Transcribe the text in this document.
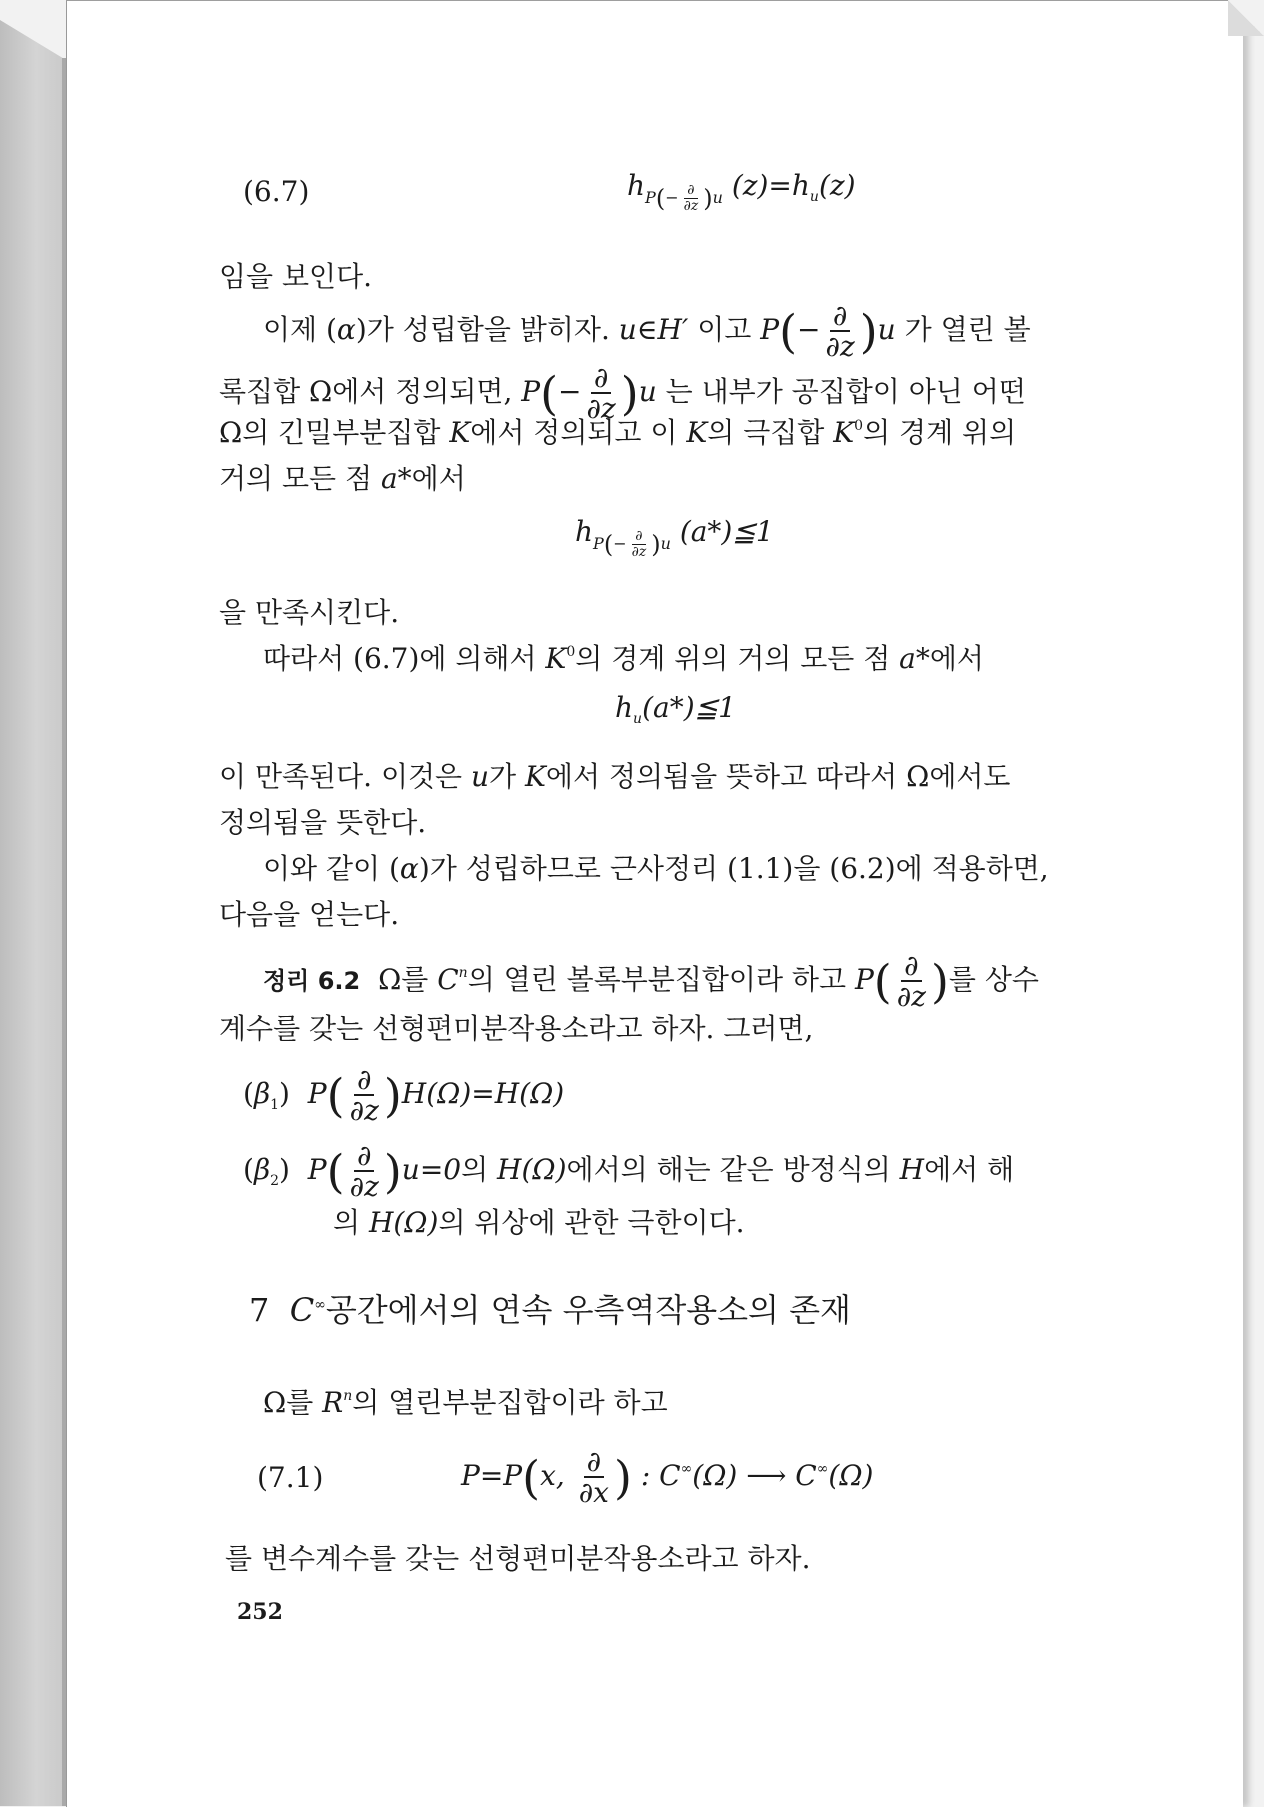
(6.7)	$h_{P(- \frac{\partial}{\partial z} )u}$ $(z)=h_u(z)$
임을 보인다.
이제 (α)가 성립함을 밝히자. u∈H′ 이고 $P(- \frac{\partial}{\partial z} )u$ 가 열린 볼
록집합 Ω에서 정의되면, $P(- \frac{\partial}{\partial z} )u$ 는 내부가 공집합이 아닌 어떤
Ω의 긴밀부분집합 K에서 정의되고 이 K의 극집합 $K^0$의 경계 위의
거의 모든 점 a*에서
$h_{P(- \frac{\partial}{\partial z} )u}$ (a*)≦1
을 만족시킨다.
따라서 (6.7)에 의해서 $K^0$의 경계 위의 거의 모든 점 a*에서
$h_u(a*)≦1$
이 만족된다. 이것은 u가 K에서 정의됨을 뜻하고 따라서 Ω에서도
정의됨을 뜻한다.
이와 같이 (α)가 성립하므로 근사정리 (1.1)을 (6.2)에 적용하면,
다음을 얻는다.
정리 6.2 Ω를 $C^n$의 열린 볼록부분집합이라 하고 $P( \frac{\partial}{\partial z}$ )를 상수
계수를 갖는 선형편미분작용소라고 하자. 그러면,
$(\beta_1)$ $P( \frac{\partial}{\partial z} )H(\Omega)=H(\Omega)$
$(\beta_2)$ $P( \frac{\partial}{\partial z} )u=0$의 H(Ω)에서의 해는 같은 방정식의 H에서 해
의 H(Ω)의 위상에 관한 극한이다.
7 C∞공간에서의 연속 우측역작용소의 존재
Ω를 $R^n$의 열린부분집합이라 하고
(7.1)	P=P(x, $\frac{\partial}{\partial x}$ ) : C∞(Ω) ⟶ C∞(Ω)
를 변수계수를 갖는 선형편미분작용소라고 하자.
252
